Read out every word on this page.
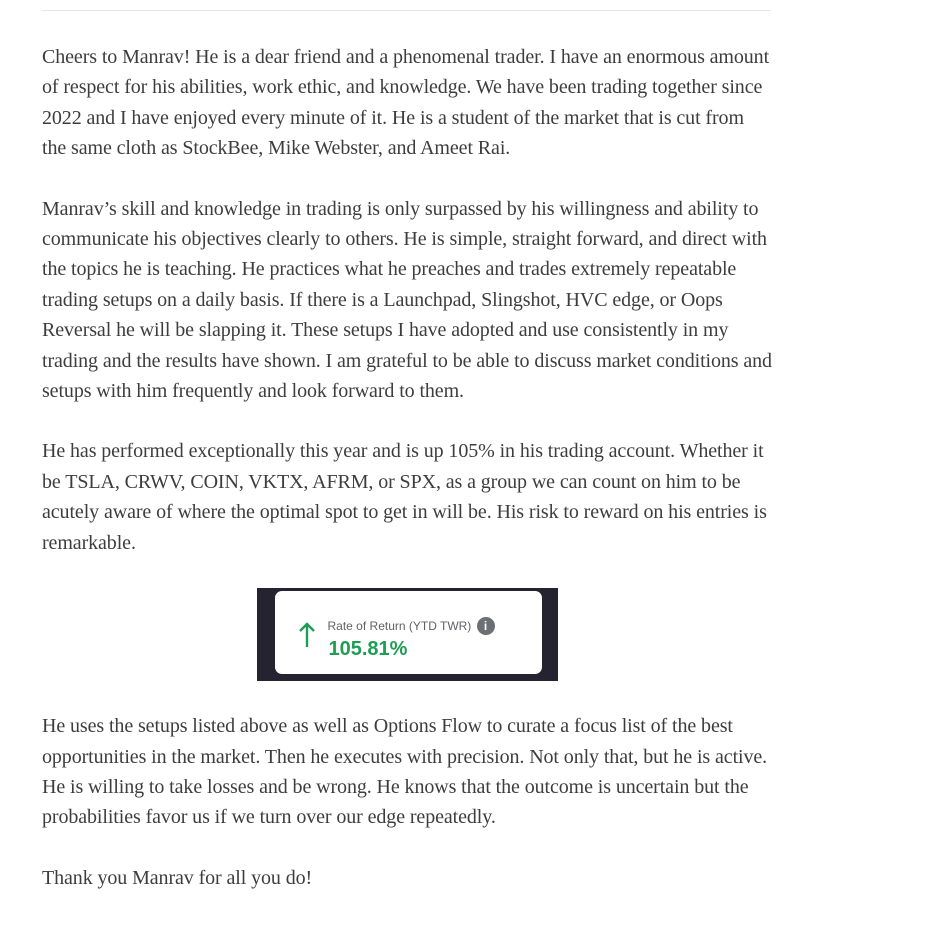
Cheers to Manrav! He is a dear friend and a phenomenal trader. I have an enormous amount of respect for his abilities, work ethic, and knowledge. We have been trading together since 2022 and I have enjoyed every minute of it. He is a student of the market that is cut from the same cloth as StockBee, Mike Webster, and Ameet Rai.

Manrav’s skill and knowledge in trading is only surpassed by his willingness and ability to communicate his objectives clearly to others. He is simple, straight forward, and direct with the topics he is teaching. He practices what he preaches and trades extremely repeatable trading setups on a daily basis. If there is a Launchpad, Slingshot, HVC edge, or Oops Reversal he will be slapping it. These setups I have adopted and use consistently in my trading and the results have shown. I am grateful to be able to discuss market conditions and setups with him frequently and look forward to them.

He has performed exceptionally this year and is up 105% in his trading account. Whether it be TSLA, CRWV, COIN, VKTX, AFRM, or SPX, as a group we can count on him to be acutely aware of where the optimal spot to get in will be. His risk to reward on his entries is remarkable.

Rate of Return (YTD TWR)	i
105.81%

He uses the setups listed above as well as Options Flow to curate a focus list of the best opportunities in the market. Then he executes with precision. Not only that, but he is active. He is willing to take losses and be wrong. He knows that the outcome is uncertain but the probabilities favor us if we turn over our edge repeatedly.

Thank you Manrav for all you do!
